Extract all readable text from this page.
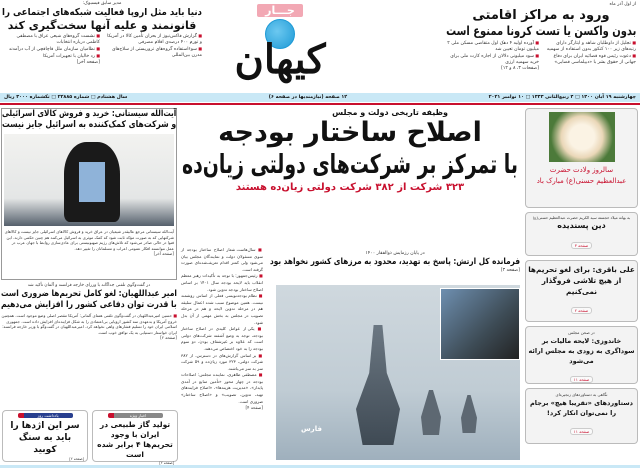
جـــار
کیهان
از اول آذر ماه
ورود به مراکز اقامتی
بدون واکسن یا تست کرونا ممنوع است
■ تجلیل از داوطلبان شاهد و ایثارگر دارای رتبه‌های زیر ۱۰۰ کنکور بدون استفاده از سهمیه
■ دعوت رئیس قوه قضائیه ایران برای دفاع جهانی از حقوق بشر با «دیپلماسی قضایی»
■ آورده اولیه ۴ دهک اول متقاضی مسکن ملی ۲ میلیون تومان تعیین شد
■ سود میلیونی دلالان از اجاره کارت ملی برای خرید سهمیه ارزی
[صفحات ۳، ۸ و ۱۲]
مدیر سابق فیسبوک:
دنیا باید مثل اروپا فعالیت شبکه‌های اجتماعی را
قانونمند و علیه آنها سخت‌گیری کند
■ گزارش فاکس‌نیوز از بحران تأمین کالا در آمریکا و تورم ۴۰۰ درصدی اقلام مصرفی
■ سوءاستفاده گروه‌های تروریستی از سلاح‌های مدرن بین‌المللی
■ نشست گروه‌های شیعی عراق با مصطفی کاظمی درباره انتخابات
■ نظامیان سازمان ملل قاچاقچی از آب درآمدند
■ رد خالیان با تجهیزات آمریکا
[صفحه آخر]
چهارشنبه ۱۹ آبان ۱۴۰۰ □ ۴ ربیع‌الثانی ۱۴۴۳ □ ۱۰ نوامبر ۲۰۲۱
۱۲ صفحه (نیازمندیها در صفحه ۶)
سال هشتادم □ شماره ۲۲۸۸۵ □ تکشماره ۳۰۰۰ ریال
وظیفه تاریخی دولت و مجلس
اصلاح ساختار بودجه
با تمرکز بر شرکت‌های دولتی زیان‌ده
۳۲۳ شرکت از ۳۸۲ شرکت دولتی زیان‌ده هستند
■ سال‌هاست شعار اصلاح ساختار بودجه از سوی مسئولان دولت و نمایندگان مجلس بیان می‌شود ولی کمتر اقدام تعریف‌شده‌ای صورت گرفته است.
■ رئیس‌جمهور: با توجه به تأکیدات رهبر معظم انقلاب باید لایحه بودجه سال ۱۴۰۱ بر اساس اصلاح ساختار بودجه تدوین شود.
■ نظام بودجه‌نویسی فعلی از اساس روشمند نیست. همین موضوع سبب شده اعمال سلیقه هم در مرحله تدوین لایحه و هم در مرحله تصویب در مجلس به بخش مهمی از آن بدل شود.
■ یکی از عوامل کلیدی در اصلاح ساختار بودجه، توجه به وضع آشفته شرکت‌های دولتی است که علاوه بر غیرشفاف بودن، دو سوم بودجه را به خود اختصاص می‌دهند.
■ بر اساس گزارش‌های در دسترس، از ۳۸۲ شرکت دولتی، ۳۲۳ مورد زیان‌ده و ۵۹ شرکت سر به سر می‌باشند.
■ مصطفی طاهری، نماینده مجلس: اصلاحات بودجه در چهار محور «تأمین منابع در آمدی پایدار»، «مدیریت هزینه‌ها»، «اصلاح فرایندهای تهیه، تدوین، تصویب» و «اصلاح ساختار» ضروری است.
[صفحه ۴]
در پایان رزمایش ذوالفقار ۱۴۰۰
فرمانده کل ارتش: پاسخ به تهدید، محدود به مرزهای کشور نخواهد بود
[صفحه ۳]
فارس
آیت‌الله سیستانی: خرید و فروش کالای اسرائیلی
و شرکت‌های کمک‌کننده به اسرائیل جایز نیست
آیت‌الله سیستانی مرجع عالیقدر شیعیان در عراق خرید و فروش کالاهای اسرائیلی جایز نیست و کالاهای شرکتهایی که به صورت مؤکد ثابت شود که کمک موثری به اسرائیل می‌کنند هم چنین حکمی دارند. این فتوا در حالی صادر می‌شود که تلاش‌های رژیم صهیونیستی برای عادی‌سازی روابط با جهان عرب در عمل نتوانسته افکار عمومی اعراب و مسلمانان را تغییر دهد.
[صفحه آخر]
در گفت‌وگوی تلفنی جداگانه با وزرای خارجه فرانسه و آلمان تأکید شد
امیر عبداللهیان: لغو کامل تحریم‌ها ضروری است
با قدرت توان دفاعی کشور را افزایش می‌دهیم
■ حسین امیرعبداللهیان در گفت‌وگوی تلفنی همتای آلمانی: آمریکا مقصر اصلی وضع موجود است. همچنین خروج آمریکا و بدعهدی سه کشور اروپایی بی‌اعتمادی را به شکل فزاینده‌ای افزایش داده است. جمهوری اسلامی ایران خود را تسلیم فشارهای واهی نخواهد کرد. امیرعبداللهیان در گفت‌وگو با وزیر خارجه فرانسه: ایران خواستار دستیابی به یک توافق خوب است.
[صفحه ۲]
اخبار ویژه
تولید گاز طبیعی در ایران با وجود تحریم‌ها ۴ برابر شده است
[صفحه ۲]
یادداشت روز
سر این اژدها را باید به سنگ کوبید
[صفحه ۲]
سالروز ولادت حضرت عبدالعظیم حسنی(ع) مبارک باد
به بهانه میلاد خجسته سید الکریم حضرت عبدالعظیم حسنی(ع)
دین پسندیده
صفحه ۳
علی باقری: برای لغو تحریم‌ها از هیچ تلاشی فروگذار نمی‌کنیم
صفحه ۲
در صحن مجلس
خاندوزی: لایحه مالیات بر سوداگری به زودی به مجلس ارائه می‌شود
صفحه ۱۱
نگاهی به دستاوردهای زنجیره‌ای
دستاوردهای «تقریبا هیچ» برجام را نمی‌توان انکار کرد!
صفحه ۱۱
